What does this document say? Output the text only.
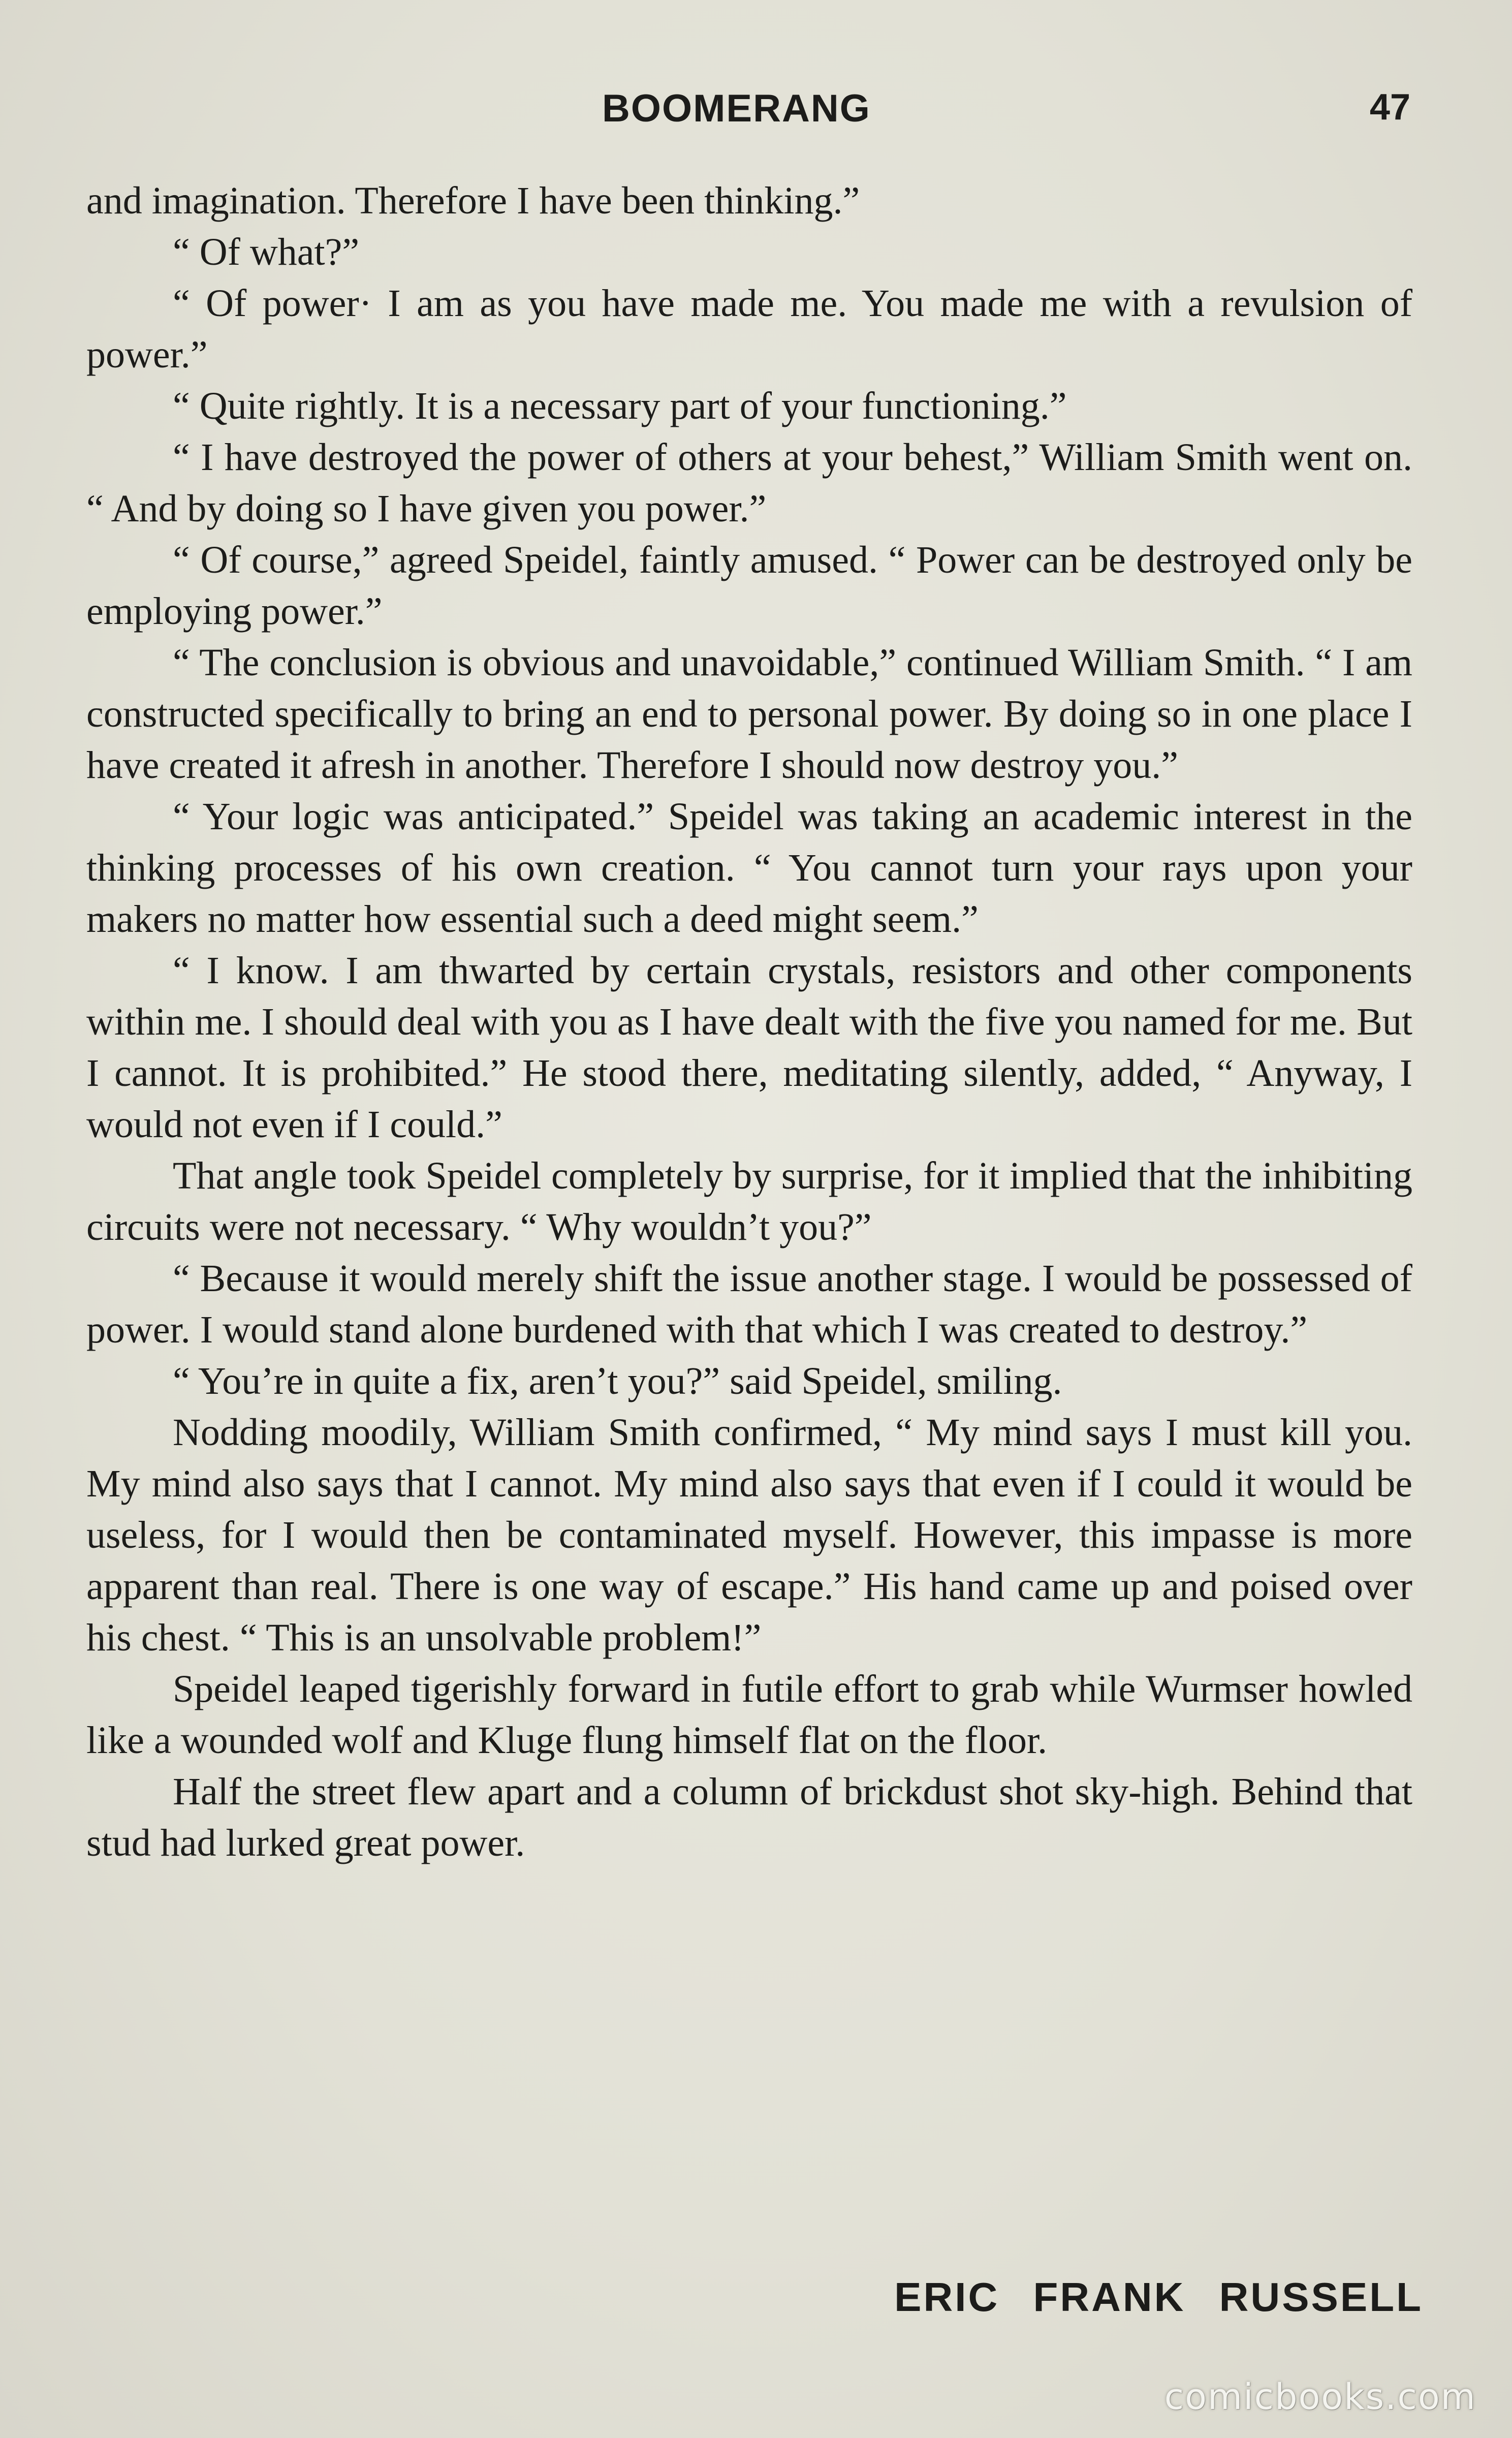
BOOMERANG	47

and imagination. Therefore I have been thinking.”

“ Of what?”

“ Of power· I am as you have made me. You made me with a revulsion of power.”

“ Quite rightly. It is a necessary part of your functioning.”

“ I have destroyed the power of others at your behest,” William Smith went on. “ And by doing so I have given you power.”

“ Of course,” agreed Speidel, faintly amused. “ Power can be destroyed only be employing power.”

“ The conclusion is obvious and unavoidable,” continued William Smith. “ I am constructed specifically to bring an end to personal power. By doing so in one place I have created it afresh in another. Therefore I should now destroy you.”

“ Your logic was anticipated.” Speidel was taking an academic interest in the thinking processes of his own creation. “ You cannot turn your rays upon your makers no matter how essential such a deed might seem.”

“ I know. I am thwarted by certain crystals, resistors and other components within me. I should deal with you as I have dealt with the five you named for me. But I cannot. It is prohibited.” He stood there, meditating silently, added, “ Anyway, I would not even if I could.”

That angle took Speidel completely by surprise, for it implied that the inhibiting circuits were not necessary. “ Why wouldn’t you?”

“ Because it would merely shift the issue another stage. I would be possessed of power. I would stand alone burdened with that which I was created to destroy.”

“ You’re in quite a fix, aren’t you?” said Speidel, smiling.

Nodding moodily, William Smith confirmed, “ My mind says I must kill you. My mind also says that I cannot. My mind also says that even if I could it would be useless, for I would then be contaminated myself. However, this impasse is more apparent than real. There is one way of escape.” His hand came up and poised over his chest. “ This is an unsolvable problem!”

Speidel leaped tigerishly forward in futile effort to grab while Wurmser howled like a wounded wolf and Kluge flung himself flat on the floor.

Half the street flew apart and a column of brickdust shot sky-high. Behind that stud had lurked great power.

ERIC FRANK RUSSELL
comicbooks.com
